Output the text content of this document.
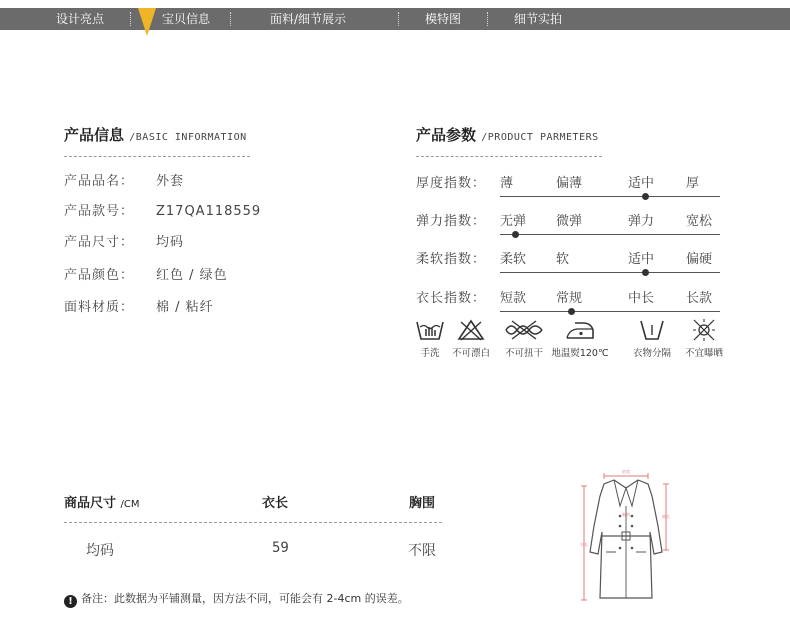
设计亮点	宝贝信息	面料/细节展示	模特图	细节实拍
产品信息 /BASIC INFORMATION
产品品名： 外套
产品款号： Z17QA118559
产品尺寸： 均码
产品颜色： 红色 / 绿色
面料材质： 棉 / 粘纤
产品参数 /PRODUCT PARMETERS
厚度指数： 薄	偏薄	适中 厚
弹力指数： 无弹 微弹	弹力 宽松
柔软指数： 柔软 软	适中 偏硬
衣长指数： 短款 常规	中长 长款
手洗	不可漂白	不可扭干 地温熨120℃	衣物分隔	不宜曝晒
商品尺寸 /CM	衣长	胸围
均码	59	不限
! 备注：此数据为平铺测量，因方法不同，可能会有 2-4cm 的误差。
肩宽
衣长
胸围	袖长
